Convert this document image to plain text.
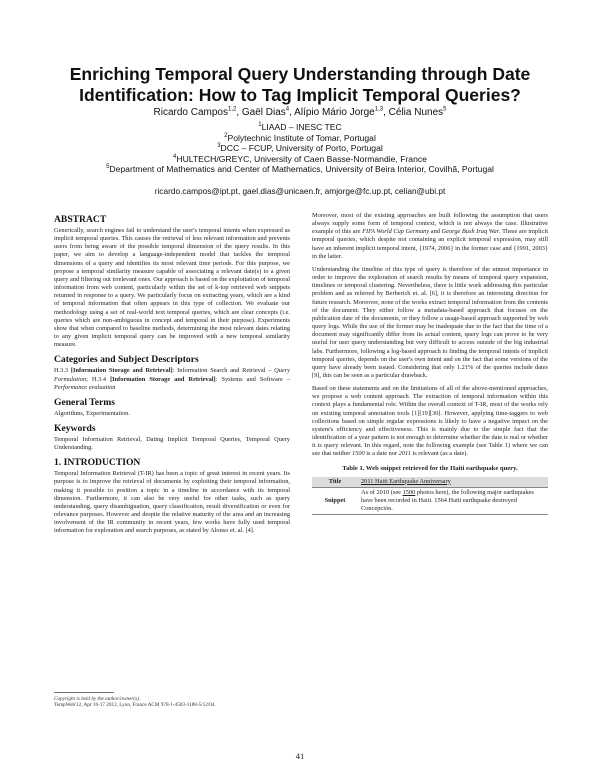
Enriching Temporal Query Understanding through Date
Identification: How to Tag Implicit Temporal Queries?
Ricardo Campos$^{1,2}$, Gaël Dias$^4$, Alípio Mário Jorge$^{1,3}$, Célia Nunes$^5$
$^1$LIAAD – INESC TEC
$^2$Polytechnic Institute of Tomar, Portugal
$^3$DCC – FCUP, University of Porto, Portugal
$^4$HULTECH/GREYC, University of Caen Basse-Normandie, France
$^5$Department of Mathematics and Center of Mathematics, University of Beira Interior, Covilhã, Portugal
ricardo.campos@ipt.pt, gael.dias@unicaen.fr, amjorge@fc.up.pt, celian@ubi.pt
ABSTRACT

Generically, search engines fail to understand the user's temporal intents when expressed as implicit temporal queries. This causes the retrieval of less relevant information and prevents users from being aware of the possible temporal dimension of the query results. In this paper, we aim to develop a language-independent model that tackles the temporal dimensions of a query and identifies its most relevant time periods. For this purpose, we propose a temporal similarity measure capable of associating a relevant date(s) to a given query and filtering out irrelevant ones. Our approach is based on the exploitation of temporal information from web content, particularly within the set of k-top retrieved web snippets returned in response to a query. We particularly focus on extracting years, which are a kind of temporal information that often appears in this type of collection. We evaluate our methodology using a set of real-world text temporal queries, which are clear concepts (i.e. queries which are non-ambiguous in concept and temporal in their purpose). Experiments show that when compared to baseline methods, determining the most relevant dates relating to any given implicit temporal query can be improved with a new temporal similarity measure.

Categories and Subject Descriptors

H.3.3 [Information Storage and Retrieval]: Information Search and Retrieval – Query Formulation; H.3.4 [Information Storage and Retrieval]: Systems and Software – Performance evaluation

General Terms

Algorithms, Experimentation.

Keywords

Temporal Information Retrieval, Dating Implicit Temporal Queries, Temporal Query Understanding.

1. INTRODUCTION

Temporal Information Retrieval (T-IR) has been a topic of great interest in recent years. Its purpose is to improve the retrieval of documents by exploiting their temporal information, making it possible to position a topic in a timeline in accordance with its temporal dimension. Furthermore, it can also be very useful for other tasks, such as query understanding, query disambiguation, query classification, result diversification or even for relevance purposes. However and despite the relative maturity of the area and an increasing involvement of the IR community in recent years, few works have fully used temporal information for exploration and search purposes, as stated by Alonso et. al. [4].

Copyright is held by the author/owner(s).
TempWeb'12, Apr 16-17 2012, Lyon, France ACM 978-1-4503-1188-5/12/04.

Moreover, most of the existing approaches are built following the assumption that users always supply some form of temporal context, which is not always the case. Illustrative example of this are FIFA World Cup Germany and George Bush Iraq War. These are implicit temporal queries, which despite not containing an explicit temporal expression, may still have an inherent implicit temporal intent, {1974, 2006} in the former case and {1991, 2003} in the latter.

Understanding the timeline of this type of query is therefore of the utmost importance in order to improve the exploration of search results by means of temporal query expansion, timelines or temporal clustering. Nevertheless, there is little work addressing this particular problem and as referred by Berberich et. al. [6], it is therefore an interesting direction for future research. Moreover, none of the works extract temporal information from the contents of the document. They either follow a metadata-based approach that focuses on the publication date of the documents, or they follow a usage-based approach supported by web query logs. While the use of the former may be inadequate due to the fact that the time of a document may significantly differ from its actual content, query logs can prove to be very useful for user query understanding but very difficult to access outside of the big industrial labs. Furthermore, following a log-based approach to finding the temporal intents of implicit temporal queries, depends on the user's own intent and on the fact that some versions of the query have already been issued. Considering that only 1.21% of the queries include dates [9], this can be seen as a particular drawback.

Based on these statements and on the limitations of all of the above-mentioned approaches, we propose a web content approach. The extraction of temporal information within this context plays a fundamental role. Within the overall context of T-IR, most of the works rely on existing temporal annotation tools [1][19][30]. However, applying time-taggers to web collections based on simple regular expressions is likely to have a negative impact on the system's efficiency and effectiveness. This is mainly due to the simple fact that the identification of a year pattern is not enough to determine whether the date is real or whether it is query relevant. In this regard, note the following example (see Table 1) where we can see that neither 1500 is a date nor 2011 is relevant (as a date).

Table 1. Web snippet retrieved for the Haiti earthquake query.
Title	2011 Haiti Earthquake Anniversary
Snippet	As of 2010 (see 1500 photos here), the following major earthquakes have been recorded in Haiti. 1564 Haiti earthquake destroyed Concepción.
41
